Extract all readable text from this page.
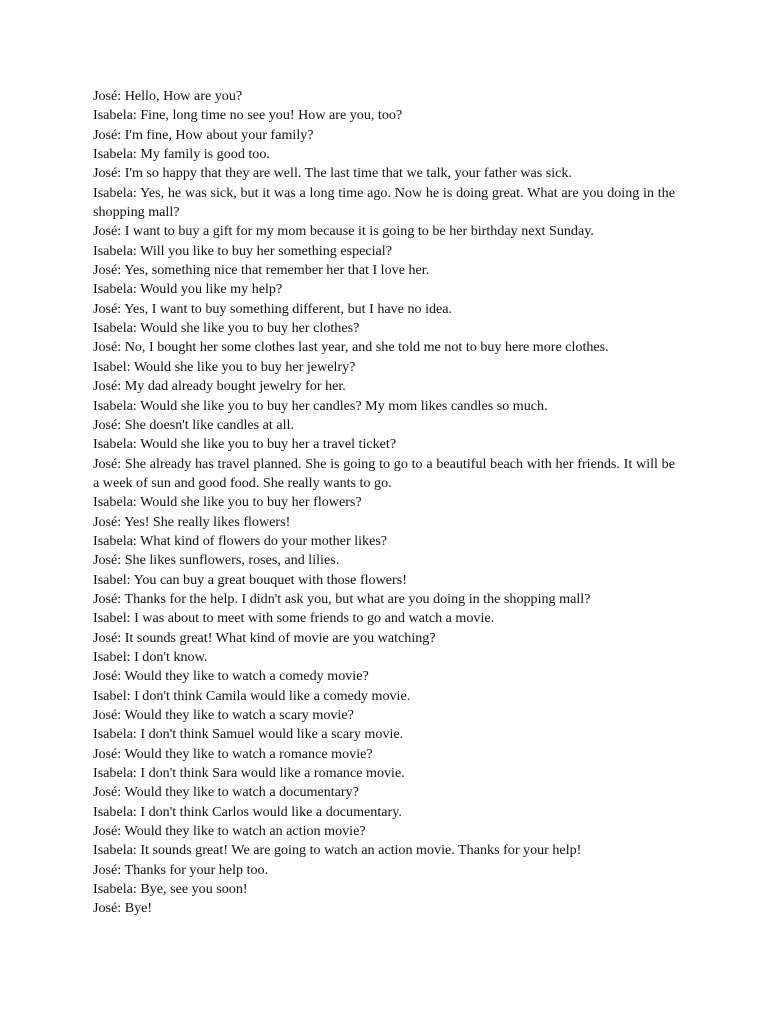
José: Hello, How are you?

Isabela: Fine, long time no see you! How are you, too?

José: I'm fine, How about your family?

Isabela: My family is good too.

José: I'm so happy that they are well. The last time that we talk, your father was sick.

Isabela: Yes, he was sick, but it was a long time ago. Now he is doing great. What are you doing in the shopping mall?

José: I want to buy a gift for my mom because it is going to be her birthday next Sunday.

Isabela: Will you like to buy her something especial?

José: Yes, something nice that remember her that I love her.

Isabela: Would you like my help?

José: Yes, I want to buy something different, but I have no idea.

Isabela: Would she like you to buy her clothes?

José: No, I bought her some clothes last year, and she told me not to buy here more clothes.

Isabel: Would she like you to buy her jewelry?

José: My dad already bought jewelry for her.

Isabela: Would she like you to buy her candles? My mom likes candles so much.

José: She doesn't like candles at all.

Isabela: Would she like you to buy her a travel ticket?

José: She already has travel planned. She is going to go to a beautiful beach with her friends. It will be a week of sun and good food. She really wants to go.

Isabela: Would she like you to buy her flowers?

José: Yes! She really likes flowers!

Isabela: What kind of flowers do your mother likes?

José: She likes sunflowers, roses, and lilies.

Isabel: You can buy a great bouquet with those flowers!

José: Thanks for the help. I didn't ask you, but what are you doing in the shopping mall?

Isabel: I was about to meet with some friends to go and watch a movie.

José: It sounds great! What kind of movie are you watching?

Isabel: I don't know.

José: Would they like to watch a comedy movie?

Isabel: I don't think Camila would like a comedy movie.

José: Would they like to watch a scary movie?

Isabela: I don't think Samuel would like a scary movie.

José: Would they like to watch a romance movie?

Isabela: I don't think Sara would like a romance movie.

José: Would they like to watch a documentary?

Isabela: I don't think Carlos would like a documentary.

José: Would they like to watch an action movie?

Isabela: It sounds great! We are going to watch an action movie. Thanks for your help!

José: Thanks for your help too.

Isabela: Bye, see you soon!

José: Bye!
